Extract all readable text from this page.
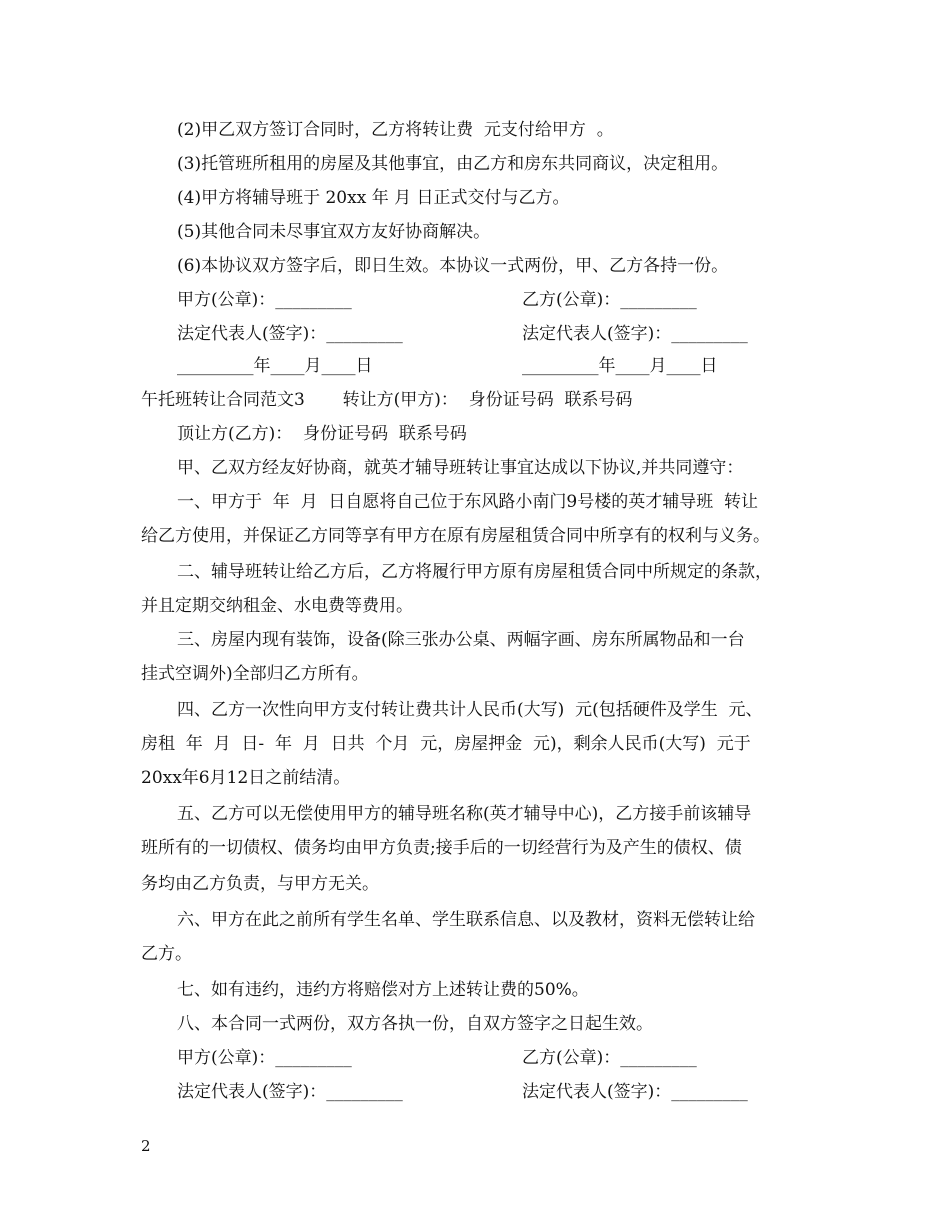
(2)甲乙双方签订合同时，乙方将转让费  元支付给甲方  。
(3)托管班所租用的房屋及其他事宜，由乙方和房东共同商议，决定租用。
(4)甲方将辅导班于 20xx 年 月 日正式交付与乙方。
(5)其他合同未尽事宜双方友好协商解决。
(6)本协议双方签字后，即日生效。本协议一式两份，甲、乙方各持一份。
甲方(公章)：_________	乙方(公章)：_________
法定代表人(签字)：_________	法定代表人(签字)：_________
_________年____月____日	_________年____月____日
午托班转让合同范文3       转让方(甲方)：  身份证号码  联系号码
顶让方(乙方)：  身份证号码  联系号码
甲、乙双方经友好协商，就英才辅导班转让事宜达成以下协议,并共同遵守：
一、甲方于  年  月  日自愿将自己位于东风路小南门9号楼的英才辅导班  转让
给乙方使用，并保证乙方同等享有甲方在原有房屋租赁合同中所享有的权利与义务。
二、辅导班转让给乙方后，乙方将履行甲方原有房屋租赁合同中所规定的条款，
并且定期交纳租金、水电费等费用。
三、房屋内现有装饰，设备(除三张办公桌、两幅字画、房东所属物品和一台
挂式空调外)全部归乙方所有。
四、乙方一次性向甲方支付转让费共计人民币(大写)  元(包括硬件及学生  元、
房租  年  月  日-  年  月  日共  个月  元，房屋押金  元)，剩余人民币(大写)  元于
20xx年6月12日之前结清。
五、乙方可以无偿使用甲方的辅导班名称(英才辅导中心)，乙方接手前该辅导
班所有的一切债权、债务均由甲方负责;接手后的一切经营行为及产生的债权、债
务均由乙方负责，与甲方无关。
六、甲方在此之前所有学生名单、学生联系信息、以及教材，资料无偿转让给
乙方。
七、如有违约，违约方将赔偿对方上述转让费的50%。
八、本合同一式两份，双方各执一份，自双方签字之日起生效。
甲方(公章)：_________	乙方(公章)：_________
法定代表人(签字)：_________	法定代表人(签字)：_________
2
